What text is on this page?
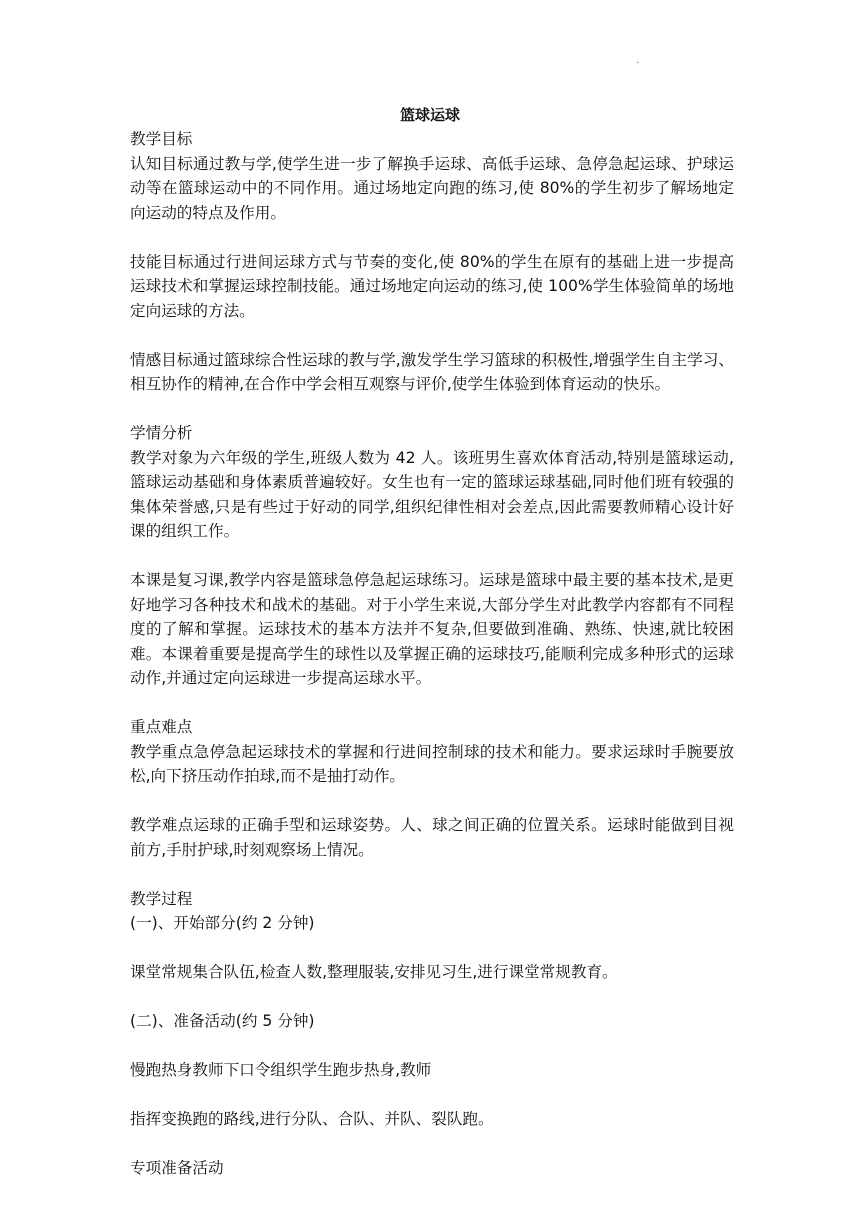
.
篮球运球

教学目标

认知目标通过教与学,使学生进一步了解换手运球、高低手运球、急停急起运球、护球运动等在篮球运动中的不同作用。通过场地定向跑的练习,使 80%的学生初步了解场地定向运动的特点及作用。

技能目标通过行进间运球方式与节奏的变化,使 80%的学生在原有的基础上进一步提高运球技术和掌握运球控制技能。通过场地定向运动的练习,使 100%学生体验简单的场地定向运球的方法。

情感目标通过篮球综合性运球的教与学,激发学生学习篮球的积极性,增强学生自主学习、相互协作的精神,在合作中学会相互观察与评价,使学生体验到体育运动的快乐。

学情分析

教学对象为六年级的学生,班级人数为 42 人。该班男生喜欢体育活动,特别是篮球运动,篮球运动基础和身体素质普遍较好。女生也有一定的篮球运球基础,同时他们班有较强的集体荣誉感,只是有些过于好动的同学,组织纪律性相对会差点,因此需要教师精心设计好课的组织工作。

本课是复习课,教学内容是篮球急停急起运球练习。运球是篮球中最主要的基本技术,是更好地学习各种技术和战术的基础。对于小学生来说,大部分学生对此教学内容都有不同程度的了解和掌握。运球技术的基本方法并不复杂,但要做到准确、熟练、快速,就比较困难。本课着重要是提高学生的球性以及掌握正确的运球技巧,能顺利完成多种形式的运球动作,并通过定向运球进一步提高运球水平。

重点难点

教学重点急停急起运球技术的掌握和行进间控制球的技术和能力。要求运球时手腕要放松,向下挤压动作拍球,而不是抽打动作。

教学难点运球的正确手型和运球姿势。人、球之间正确的位置关系。运球时能做到目视前方,手肘护球,时刻观察场上情况。

教学过程

(一)、开始部分(约 2 分钟)

课堂常规集合队伍,检查人数,整理服装,安排见习生,进行课堂常规教育。

(二)、准备活动(约 5 分钟)

慢跑热身教师下口令组织学生跑步热身,教师

指挥变换跑的路线,进行分队、合队、并队、裂队跑。

专项准备活动
